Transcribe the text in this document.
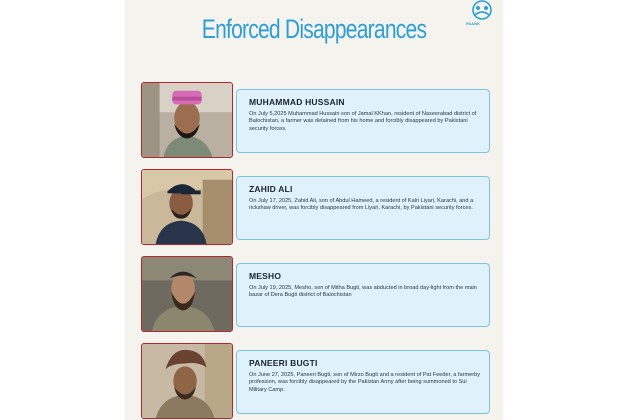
Enforced Disappearances	PAANK
MUHAMMAD HUSSAIN
On July 5,2025 Muhammad Hussain son of Jamal KKhan, resident of Naseerabad district of Balochistan, a farmer was detained from his home and forcibly disappeared by Pakistani security forces.
ZAHID ALI
On July 17, 2025, Zahid Ali, son of Abdul Hameed, a resident of Kalri Liyari, Karachi, and a rickshaw driver, was forcibly disappeared from Liyari, Karachi, by Pakistani security forces.
MESHO
On July 19, 2025, Mesho, son of Mitha Bugti, was abducted in broad day-light from the main bazar of Dera Bugti district of Balochistan
PANEERI BUGTI
On June 27, 2025, Paneeri Bugti, son of Mirzo Bugti and a resident of Pat Feeder, a farmerby profession, was forcibly disappeared by the Pakistan Army after being summoned to Sui Military Camp.
